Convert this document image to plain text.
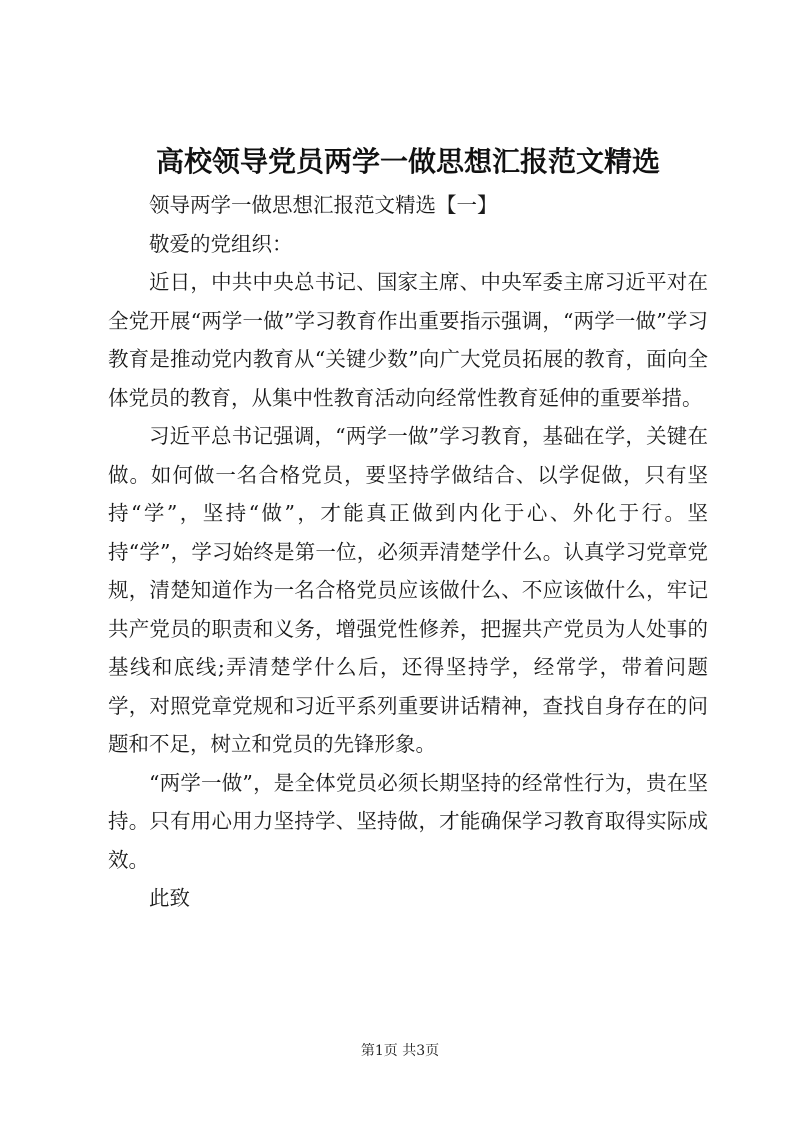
高校领导党员两学一做思想汇报范文精选

领导两学一做思想汇报范文精选【一】

敬爱的党组织：

近日，中共中央总书记、国家主席、中央军委主席习近平对在全党开展“两学一做”学习教育作出重要指示强调，“两学一做”学习教育是推动党内教育从“关键少数”向广大党员拓展的教育，面向全体党员的教育，从集中性教育活动向经常性教育延伸的重要举措。

习近平总书记强调，“两学一做”学习教育，基础在学，关键在做。如何做一名合格党员，要坚持学做结合、以学促做，只有坚持“学”，坚持“做”，才能真正做到内化于心、外化于行。坚持“学”，学习始终是第一位，必须弄清楚学什么。认真学习党章党规，清楚知道作为一名合格党员应该做什么、不应该做什么，牢记共产党员的职责和义务，增强党性修养，把握共产党员为人处事的基线和底线;弄清楚学什么后，还得坚持学，经常学，带着问题学，对照党章党规和习近平系列重要讲话精神，查找自身存在的问题和不足，树立和党员的先锋形象。

“两学一做”，是全体党员必须长期坚持的经常性行为，贵在坚持。只有用心用力坚持学、坚持做，才能确保学习教育取得实际成效。

此致

第1页 共3页
